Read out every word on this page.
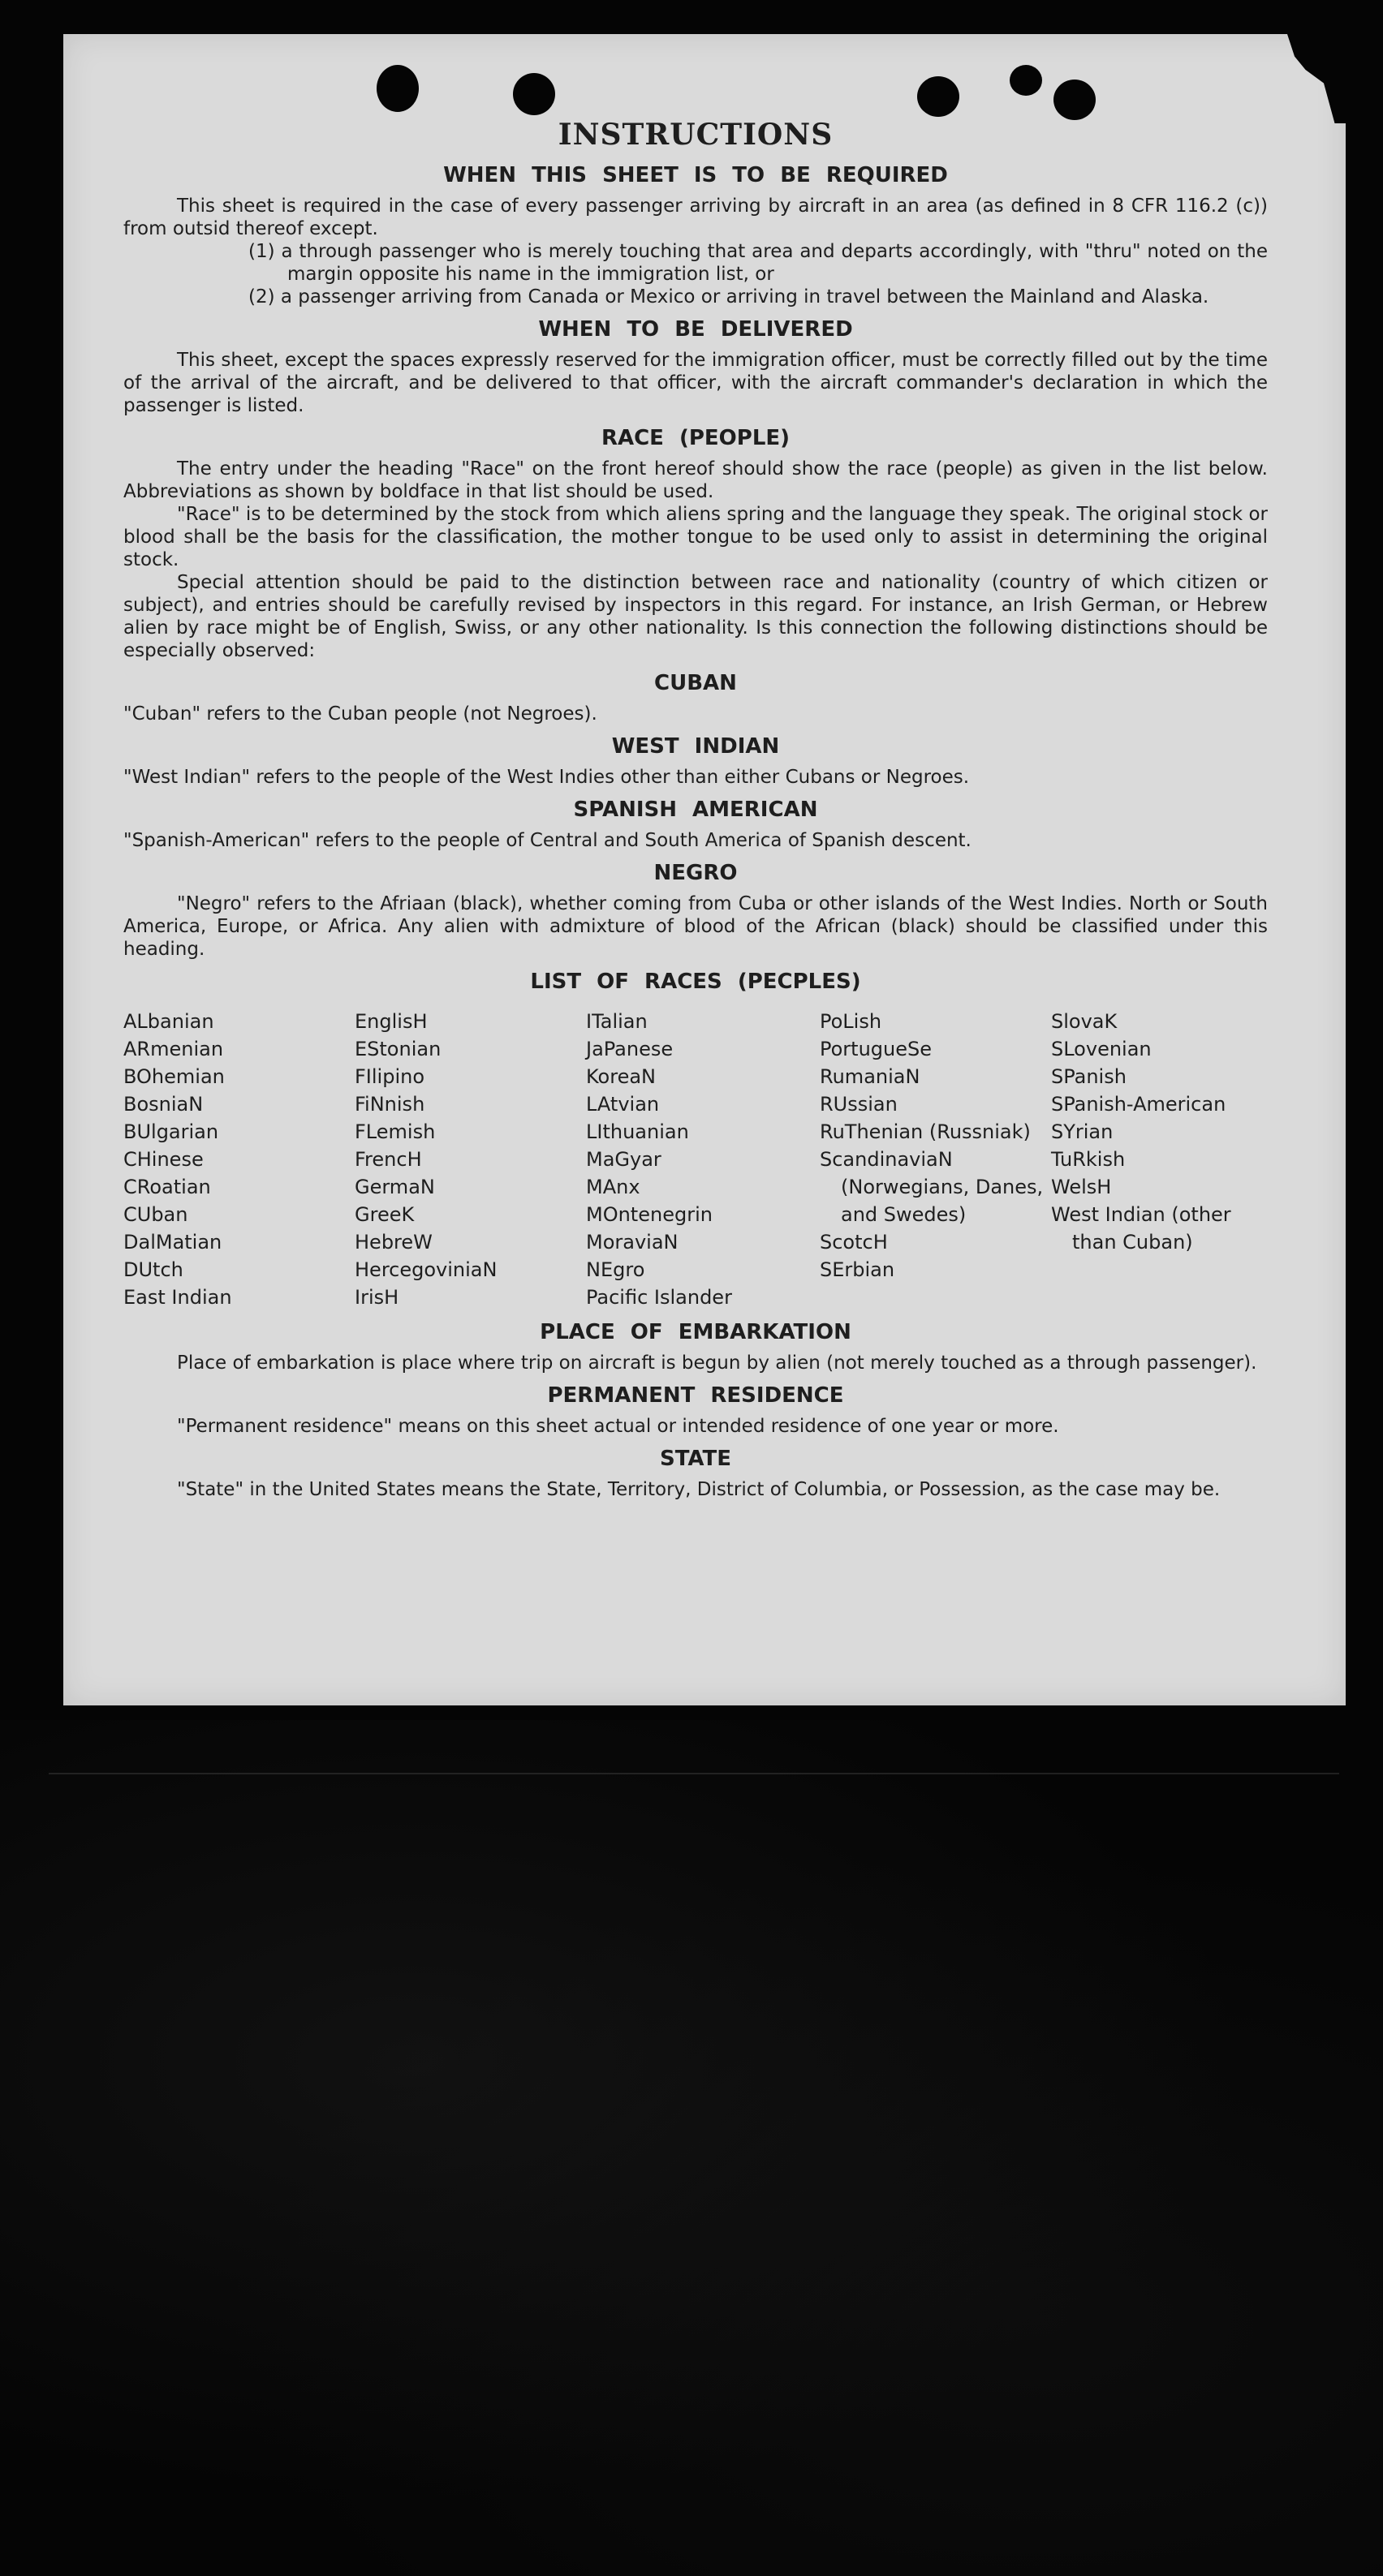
INSTRUCTIONS
WHEN THIS SHEET IS TO BE REQUIRED

This sheet is required in the case of every passenger arriving by aircraft in an area (as defined in 8 CFR 116.2 (c)) from outsid thereof except.

(1) a through passenger who is merely touching that area and departs accordingly, with "thru" noted on the margin opposite his name in the immigration list, or

(2) a passenger arriving from Canada or Mexico or arriving in travel between the Mainland and Alaska.

WHEN TO BE DELIVERED

This sheet, except the spaces expressly reserved for the immigration officer, must be correctly filled out by the time of the arrival of the aircraft, and be delivered to that officer, with the aircraft commander's declaration in which the passenger is listed.

RACE (PEOPLE)

The entry under the heading "Race" on the front hereof should show the race (people) as given in the list below. Abbreviations as shown by boldface in that list should be used.

"Race" is to be determined by the stock from which aliens spring and the language they speak. The original stock or blood shall be the basis for the classification, the mother tongue to be used only to assist in determining the original stock.

Special attention should be paid to the distinction between race and nationality (country of which citizen or subject), and entries should be carefully revised by inspectors in this regard. For instance, an Irish German, or Hebrew alien by race might be of English, Swiss, or any other nationality. Is this connection the following distinctions should be especially observed:

CUBAN

"Cuban" refers to the Cuban people (not Negroes).

WEST INDIAN

"West Indian" refers to the people of the West Indies other than either Cubans or Negroes.

SPANISH AMERICAN

"Spanish-American" refers to the people of Central and South America of Spanish descent.

NEGRO

"Negro" refers to the Afriaan (black), whether coming from Cuba or other islands of the West Indies. North or South America, Europe, or Africa. Any alien with admixture of blood of the African (black) should be classified under this heading.

LIST OF RACES (PECPLES)
ALbanian
ARmenian
BOhemian
BosniaN
BUlgarian
CHinese
CRoatian
CUban
DalMatian
DUtch
East Indian
EnglisH
EStonian
FIlipino
FiNnish
FLemish
FrencH
GermaN
GreeK
HebreW
HercegoviniaN
IrisH
ITalian
JaPanese
KoreaN
LAtvian
LIthuanian
MaGyar
MAnx
MOntenegrin
MoraviaN
NEgro
Pacific Islander
PoLish
PortugueSe
RumaniaN
RUssian
RuThenian (Russniak)
ScandinaviaN (Norwegians, Danes, and Swedes)
ScotcH
SErbian
SlovaK
SLovenian
SPanish
SPanish-American
SYrian
TuRkish
WelsH
West Indian (other than Cuban)
PLACE OF EMBARKATION

Place of embarkation is place where trip on aircraft is begun by alien (not merely touched as a through passenger).

PERMANENT RESIDENCE

"Permanent residence" means on this sheet actual or intended residence of one year or more.

STATE

"State" in the United States means the State, Territory, District of Columbia, or Possession, as the case may be.
